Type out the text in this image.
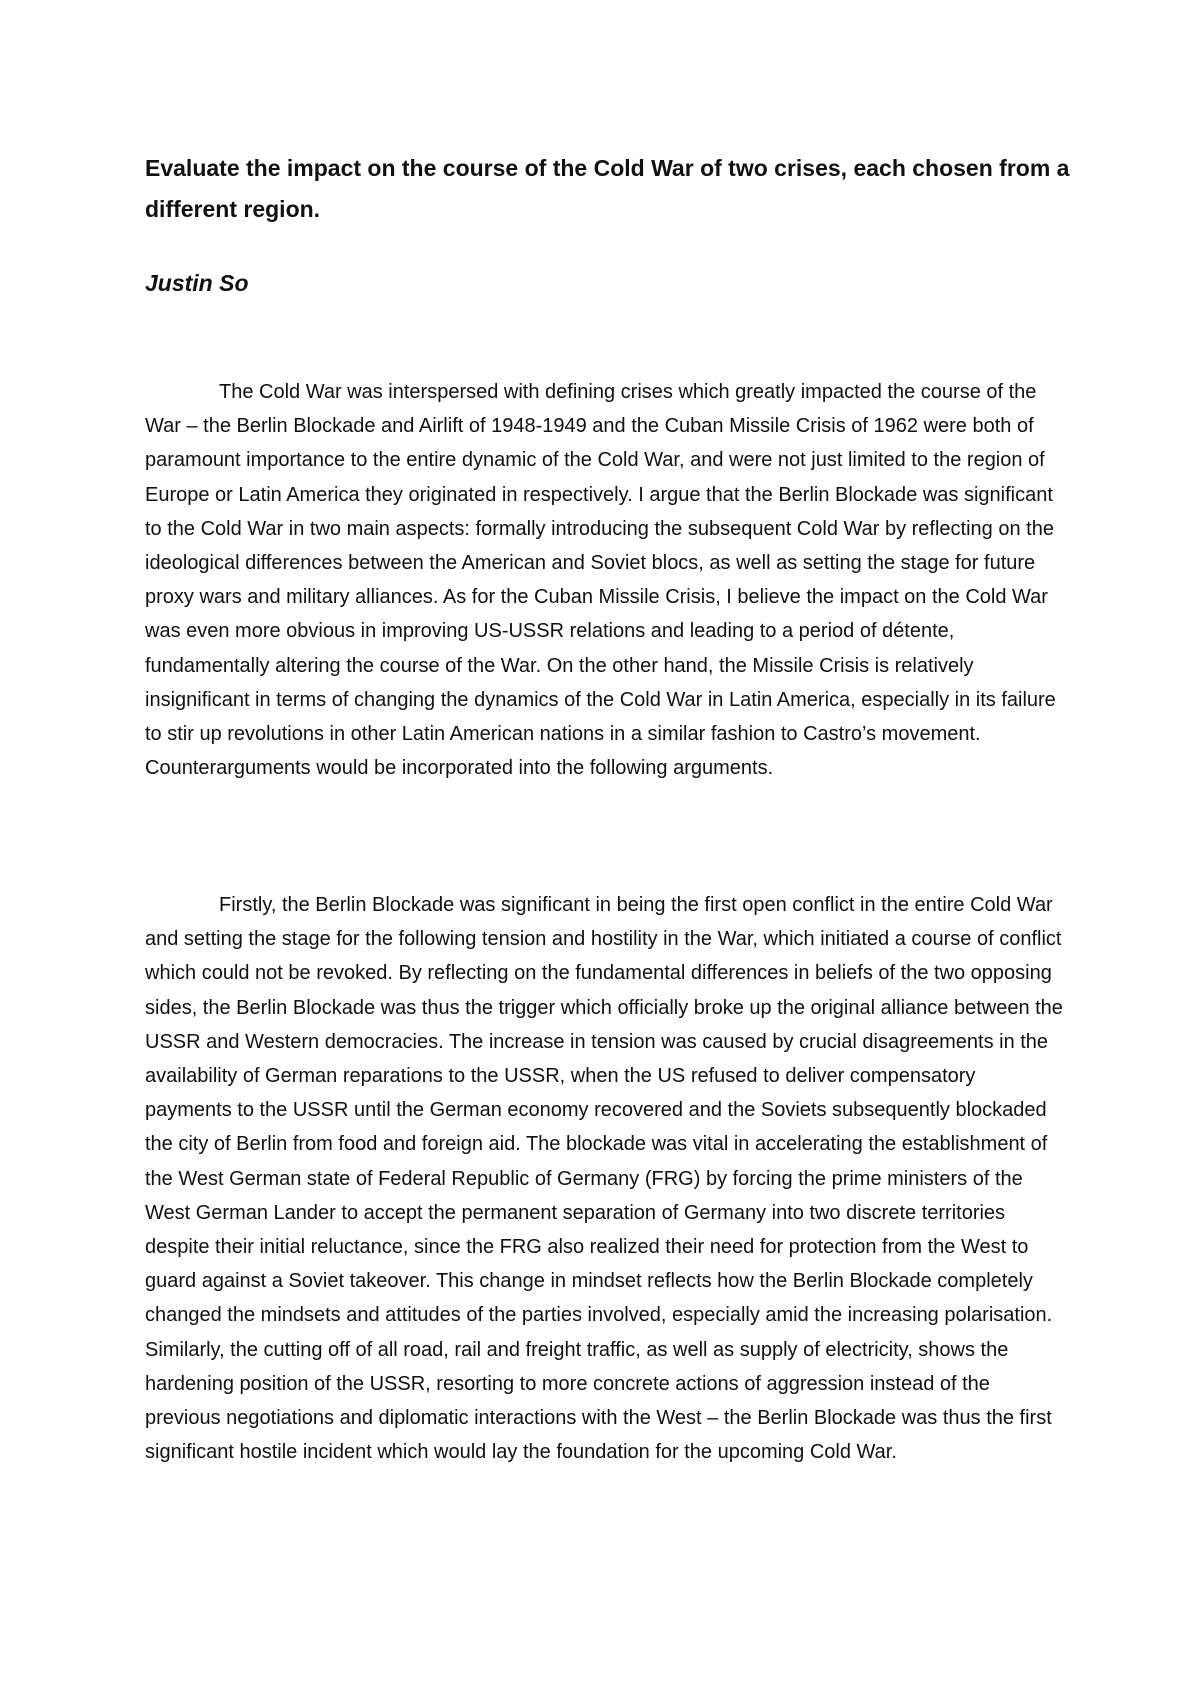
Evaluate the impact on the course of the Cold War of two crises, each chosen from a different region.

Justin So

The Cold War was interspersed with defining crises which greatly impacted the course of the War – the Berlin Blockade and Airlift of 1948-1949 and the Cuban Missile Crisis of 1962 were both of paramount importance to the entire dynamic of the Cold War, and were not just limited to the region of Europe or Latin America they originated in respectively. I argue that the Berlin Blockade was significant to the Cold War in two main aspects: formally introducing the subsequent Cold War by reflecting on the ideological differences between the American and Soviet blocs, as well as setting the stage for future proxy wars and military alliances. As for the Cuban Missile Crisis, I believe the impact on the Cold War was even more obvious in improving US-USSR relations and leading to a period of détente, fundamentally altering the course of the War. On the other hand, the Missile Crisis is relatively insignificant in terms of changing the dynamics of the Cold War in Latin America, especially in its failure to stir up revolutions in other Latin American nations in a similar fashion to Castro’s movement. Counterarguments would be incorporated into the following arguments.

Firstly, the Berlin Blockade was significant in being the first open conflict in the entire Cold War and setting the stage for the following tension and hostility in the War, which initiated a course of conflict which could not be revoked. By reflecting on the fundamental differences in beliefs of the two opposing sides, the Berlin Blockade was thus the trigger which officially broke up the original alliance between the USSR and Western democracies. The increase in tension was caused by crucial disagreements in the availability of German reparations to the USSR, when the US refused to deliver compensatory payments to the USSR until the German economy recovered and the Soviets subsequently blockaded the city of Berlin from food and foreign aid. The blockade was vital in accelerating the establishment of the West German state of Federal Republic of Germany (FRG) by forcing the prime ministers of the West German Lander to accept the permanent separation of Germany into two discrete territories despite their initial reluctance, since the FRG also realized their need for protection from the West to guard against a Soviet takeover. This change in mindset reflects how the Berlin Blockade completely changed the mindsets and attitudes of the parties involved, especially amid the increasing polarisation. Similarly, the cutting off of all road, rail and freight traffic, as well as supply of electricity, shows the hardening position of the USSR, resorting to more concrete actions of aggression instead of the previous negotiations and diplomatic interactions with the West – the Berlin Blockade was thus the first significant hostile incident which would lay the foundation for the upcoming Cold War.
